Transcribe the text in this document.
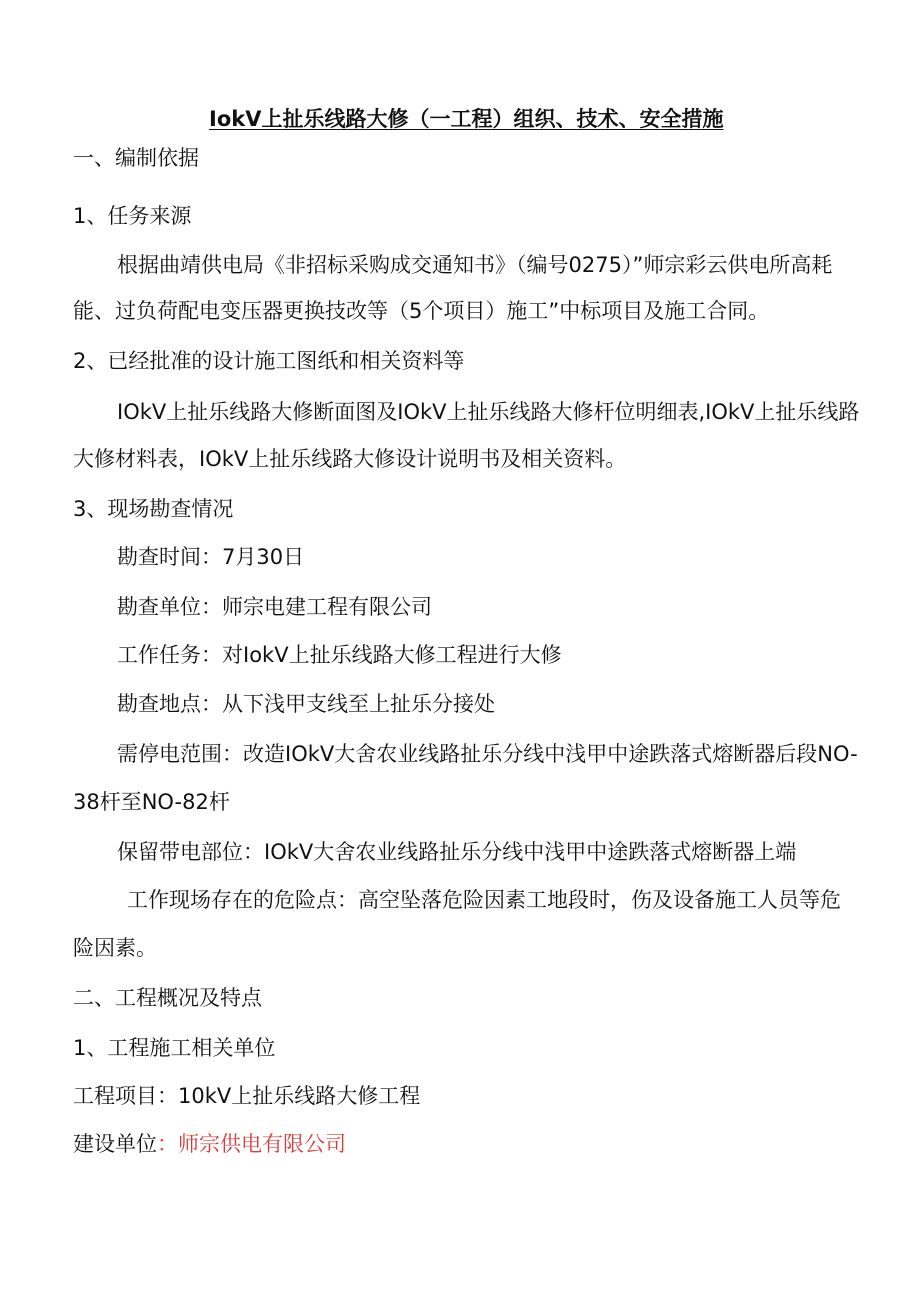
IokV上扯乐线路大修（一工程）组织、技术、安全措施
一、编制依据
1、任务来源
根据曲靖供电局《非招标采购成交通知书》（编号0275）”师宗彩云供电所高耗
能、过负荷配电变压器更换技改等（5个项目）施工”中标项目及施工合同。
2、已经批准的设计施工图纸和相关资料等
IOkV上扯乐线路大修断面图及IOkV上扯乐线路大修杆位明细表,IOkV上扯乐线路
大修材料表，IOkV上扯乐线路大修设计说明书及相关资料。
3、现场勘查情况
勘查时间：7月30日
勘查单位：师宗电建工程有限公司
工作任务：对IokV上扯乐线路大修工程进行大修
勘查地点：从下浅甲支线至上扯乐分接处
需停电范围：改造IOkV大舍农业线路扯乐分线中浅甲中途跌落式熔断器后段NO-
38杆至NO-82杆
保留带电部位：IOkV大舍农业线路扯乐分线中浅甲中途跌落式熔断器上端
工作现场存在的危险点：高空坠落危险因素工地段时，伤及设备施工人员等危
险因素。
二、工程概况及特点
1、工程施工相关单位
工程项目：10kV上扯乐线路大修工程
建设单位：师宗供电有限公司
